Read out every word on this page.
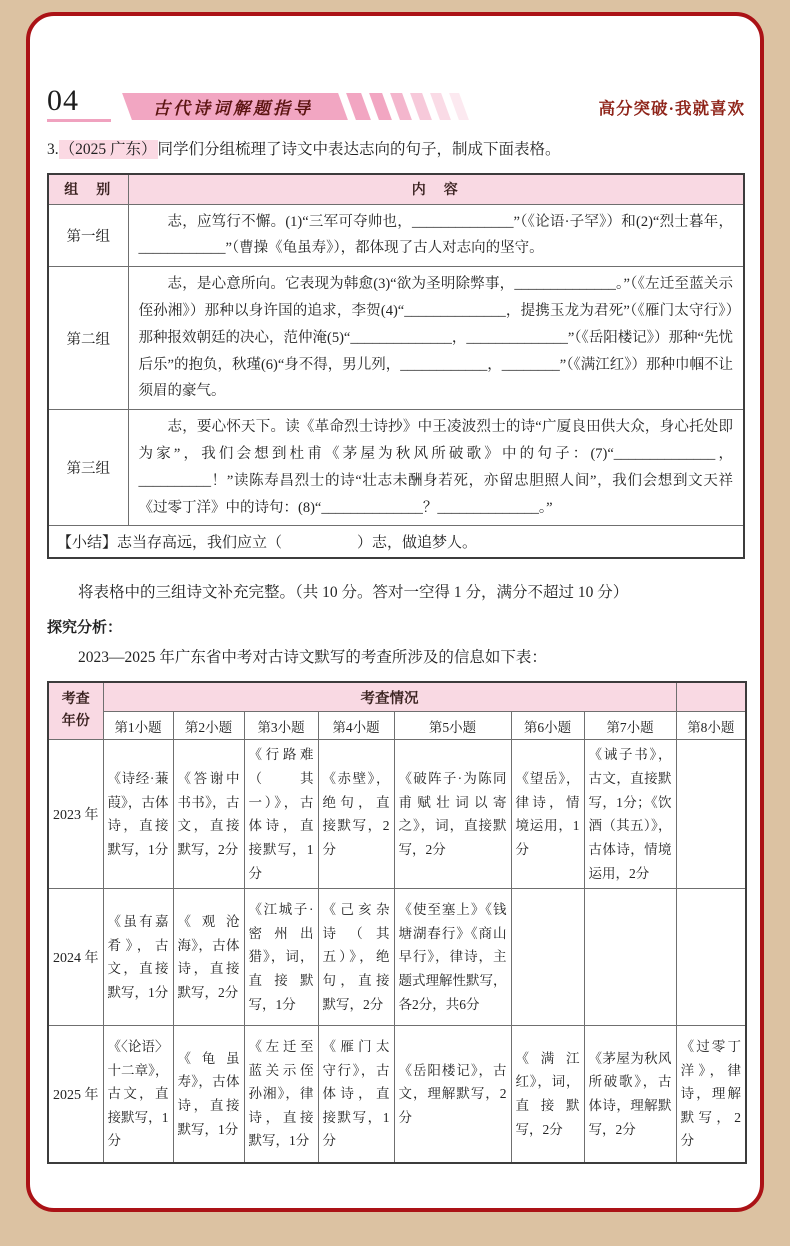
04	古代诗词解题指导	高分突破·我就喜欢
3.（2025 广东）同学们分组梳理了诗文中表达志向的句子，制成下面表格。
组　别	内　容
第一组	志，应笃行不懈。(1)“三军可夺帅也，______________”（《论语·子罕》）和(2)“烈士暮年，____________”（曹操《龟虽寿》），都体现了古人对志向的坚守。

第二组	志，是心意所向。它表现为韩愈(3)“欲为圣明除弊事，______________。”（《左迁至蓝关示侄孙湘》）那种以身许国的追求，李贺(4)“______________，提携玉龙为君死”（《雁门太守行》）那种报效朝廷的决心，范仲淹(5)“______________，______________”（《岳阳楼记》）那种“先忧后乐”的抱负，秋瑾(6)“身不得，男儿列，____________，________”（《满江红》）那种巾帼不让须眉的豪气。

第三组	志，要心怀天下。读《革命烈士诗抄》中王凌波烈士的诗“广厦良田供大众，身心托处即为家”，我们会想到杜甫《茅屋为秋风所破歌》中的句子：(7)“______________，__________！”读陈寿昌烈士的诗“壮志未酬身若死，亦留忠胆照人间”，我们会想到文天祥《过零丁洋》中的诗句：(8)“______________？______________。”

【小结】志当存高远，我们应立（　　　　　）志，做追梦人。	
将表格中的三组诗文补充完整。（共 10 分。答对一空得 1 分，满分不超过 10 分）
探究分析：
2023—2025 年广东省中考对古诗文默写的考查所涉及的信息如下表：
考查年份	考查情况							
	第1小题	第2小题	第3小题	第4小题	第5小题	第6小题	第7小题	第8小题
2023 年	《诗经·蒹葭》，古体诗，直接默写，1分	《答谢中书书》，古文，直接默写，2分	《行路难（其一）》，古体诗，直接默写，1分	《赤壁》，绝句，直接默写，2分	《破阵子·为陈同甫赋壮词以寄之》，词，直接默写，2分	《望岳》，律诗，情境运用，1分	《诫子书》，古文，直接默写，1分；《饮酒（其五）》，古体诗，情境运用，2分	
2024 年	《虽有嘉肴》，古文，直接默写，1分	《观沧海》，古体诗，直接默写，2分	《江城子·密州出猎》，词，直接默写，1分	《己亥杂诗（其五）》，绝句，直接默写，2分	《使至塞上》《钱塘湖春行》《商山早行》，律诗，主题式理解性默写，各2分，共6分			
2025 年	《〈论语〉十二章》，古文，直接默写，1分	《龟虽寿》，古体诗，直接默写，1分	《左迁至蓝关示侄孙湘》，律诗，直接默写，1分	《雁门太守行》，古体诗，直接默写，1分	《岳阳楼记》，古文，理解默写，2分	《满江红》，词，直接默写，2分	《茅屋为秋风所破歌》，古体诗，理解默写，2分	《过零丁洋》，律诗，理解默写，2分
